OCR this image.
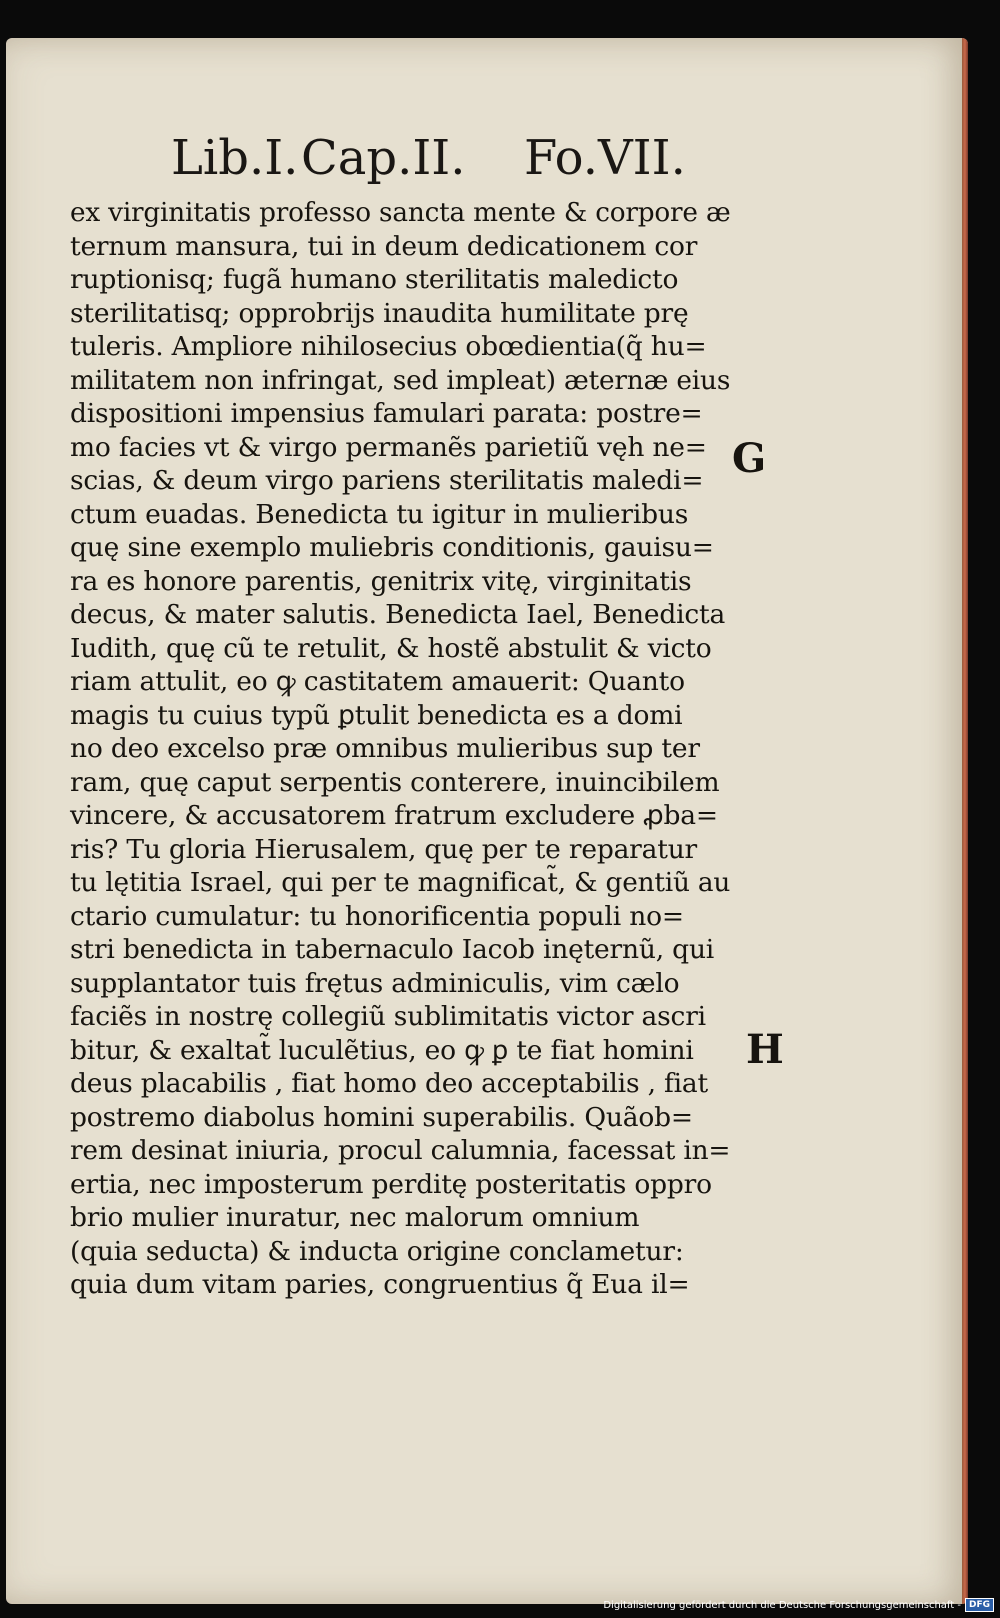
Lib.I. Cap.II. Fo.VII.
ex virginitatis professo sancta mente & corpore æ
ternum mansura, tui in deum dedicationem cor
ruptionisq; fugã humano sterilitatis maledicto
sterilitatisq; opprobrijs inaudita humilitate prę
tuleris. Ampliore nihilosecius obœdientia(q̃ hu=
militatem non infringat, sed impleat) æternæ eius
dispositioni impensius famulari parata: postre=
mo facies vt & virgo permanẽs parietiũ vęh ne=
scias, & deum virgo pariens sterilitatis maledi=
ctum euadas. Benedicta tu igitur in mulieribus
quę sine exemplo muliebris conditionis, gauisu=
ra es honore parentis, genitrix vitę, virginitatis
decus, & mater salutis. Benedicta Iael, Benedicta
Iudith, quę cũ te retulit, & hostẽ abstulit & victo
riam attulit, eo ꝙ castitatem amauerit: Quanto
magis tu cuius typũ ꝑtulit benedicta es a domi
no deo excelso præ omnibus mulieribus sup ter
ram, quę caput serpentis conterere, inuincibilem
vincere, & accusatorem fratrum excludere ꝓba=
ris? Tu gloria Hierusalem, quę per te reparatur
tu lętitia Israel, qui per te magnificat̃, & gentiũ au
ctario cumulatur: tu honorificentia populi no=
stri benedicta in tabernaculo Iacob inęternũ, qui
supplantator tuis frętus adminiculis, vim cælo
faciẽs in nostrę collegiũ sublimitatis victor ascri
bitur, & exaltat̃ luculẽtius, eo ꝙ ꝑ te fiat homini
deus placabilis , fiat homo deo acceptabilis , fiat
postremo diabolus homini superabilis. Quãob=
rem desinat iniuria, procul calumnia, facessat in=
ertia, nec imposterum perditę posteritatis oppro
brio mulier inuratur, nec malorum omnium
(quia seducta) & inducta origine conclametur:
quia dum vitam paries, congruentius q̃ Eua il=
G
H
Digitalisierung gefördert durch die Deutsche Forschungsgemeinschaft - DFG
